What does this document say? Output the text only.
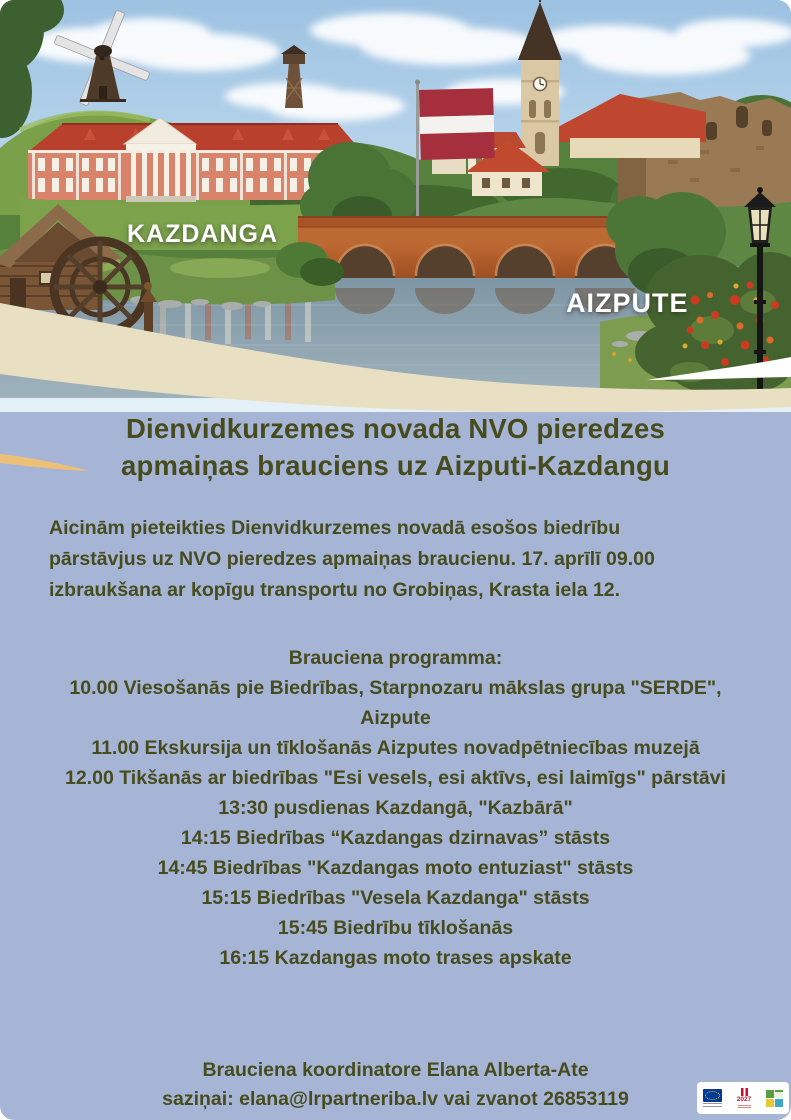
KAZDANGA
AIZPUTE
Dienvidkurzemes novada NVO pieredzes
apmaiņas brauciens uz Aizputi-Kazdangu
Aicinām pieteikties Dienvidkurzemes novadā esošos biedrību
pārstāvjus uz NVO pieredzes apmaiņas braucienu. 17. aprīlī 09.00
izbraukšana ar kopīgu transportu no Grobiņas, Krasta iela 12.

Brauciena programma:

10.00 Viesošanās pie Biedrības, Starpnozaru mākslas grupa "SERDE", Aizpute

11.00 Ekskursija un tīklošanās Aizputes novadpētniecības muzejā

12.00 Tikšanās ar biedrības "Esi vesels, esi aktīvs, esi laimīgs" pārstāvi

13:30 pusdienas Kazdangā, "Kazbārā"

14:15 Biedrības “Kazdangas dzirnavas” stāsts

14:45 Biedrības "Kazdangas moto entuziast" stāsts

15:15 Biedrības "Vesela Kazdanga" stāsts

15:45 Biedrību tīklošanās

16:15 Kazdangas moto trases apskate

Brauciena koordinatore Elana Alberta-Ate
saziņai: elana@lrpartneriba.lv vai zvanot 26853119	2027
